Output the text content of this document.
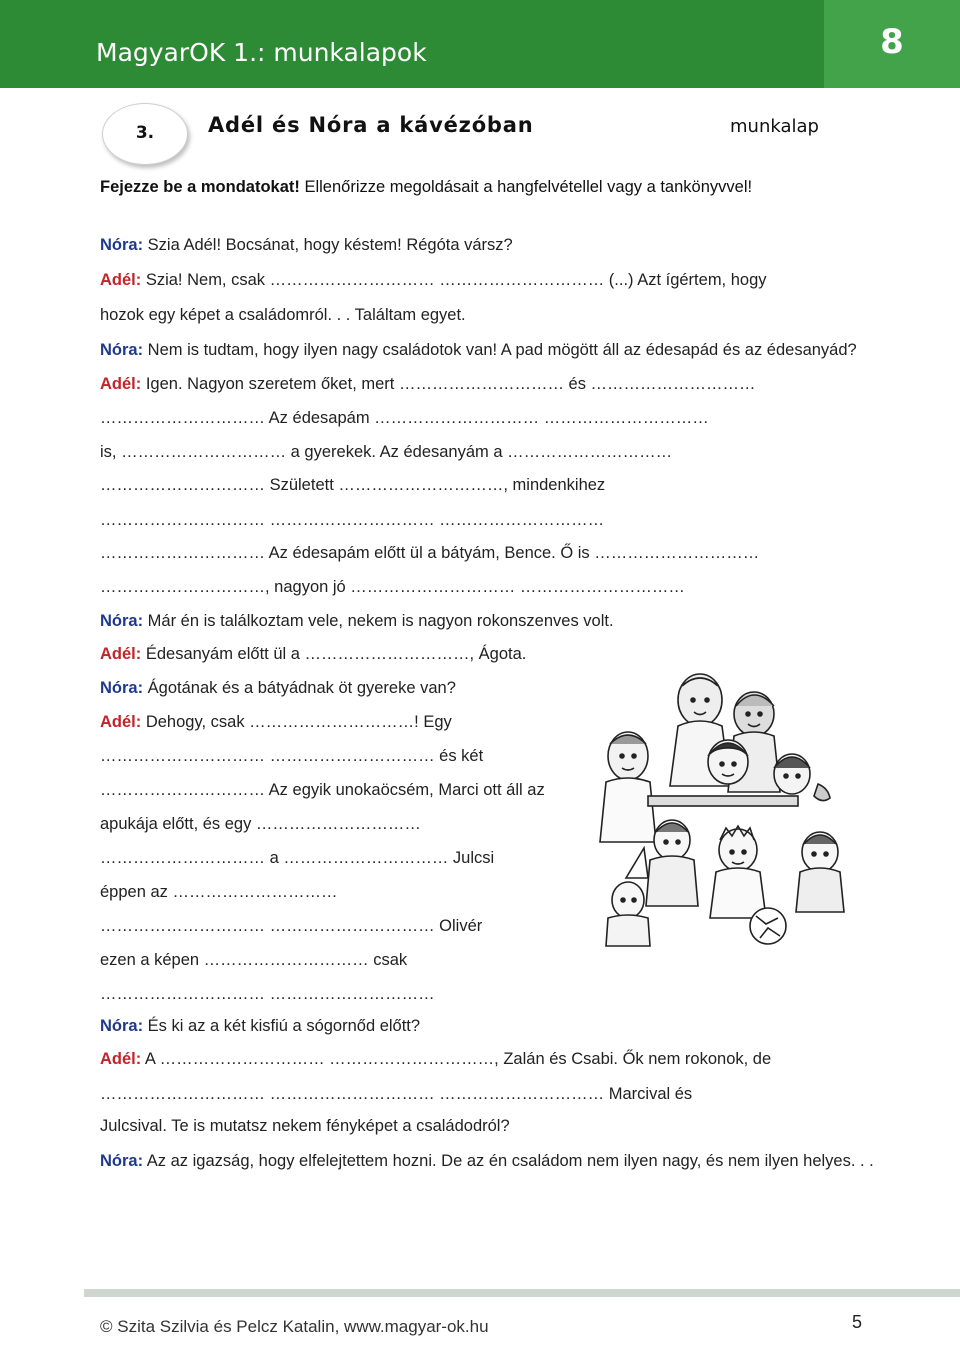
MagyarOK 1.: munkalapok	8
3.	Adél és Nóra a kávézóban	munkalap
Fejezze be a mondatokat! Ellenőrizze megoldásait a hangfelvétellel vagy a tankönyvvel!
Nóra: Szia Adél! Bocsánat, hogy késtem! Régóta vársz?
Adél: Szia! Nem, csak ………………………… ………………………… (...) Azt ígértem, hogy
hozok egy képet a családomról. . . Találtam egyet.
Nóra: Nem is tudtam, hogy ilyen nagy családotok van! A pad mögött áll az édesapád és az édesanyád?
Adél: Igen. Nagyon szeretem őket, mert ………………………… és …………………………
………………………… Az édesapám ………………………… …………………………
is, ………………………… a gyerekek. Az édesanyám a …………………………
………………………… Született …………………………, mindenkihez
………………………… ………………………… …………………………
………………………… Az édesapám előtt ül a bátyám, Bence. Ő is …………………………
…………………………, nagyon jó ………………………… …………………………
Nóra: Már én is találkoztam vele, nekem is nagyon rokonszenves volt.
Adél: Édesanyám előtt ül a …………………………, Ágota.
Nóra: Ágotának és a bátyádnak öt gyereke van?
Adél: Dehogy, csak …………………………! Egy
………………………… ………………………… és két
………………………… Az egyik unokaöcsém, Marci ott áll az
apukája előtt, és egy …………………………
………………………… a ………………………… Julcsi
éppen az …………………………
………………………… ………………………… Olivér
ezen a képen ………………………… csak
………………………… …………………………
Nóra: És ki az a két kisfiú a sógornőd előtt?
Adél: A ………………………… …………………………, Zalán és Csabi. Ők nem rokonok, de
………………………… ………………………… ………………………… Marcival és
Julcsival. Te is mutatsz nekem fényképet a családodról?
Nóra: Az az igazság, hogy elfelejtettem hozni. De az én családom nem ilyen nagy, és nem ilyen helyes. . .
© Szita Szilvia és Pelcz Katalin, www.magyar-ok.hu	5
